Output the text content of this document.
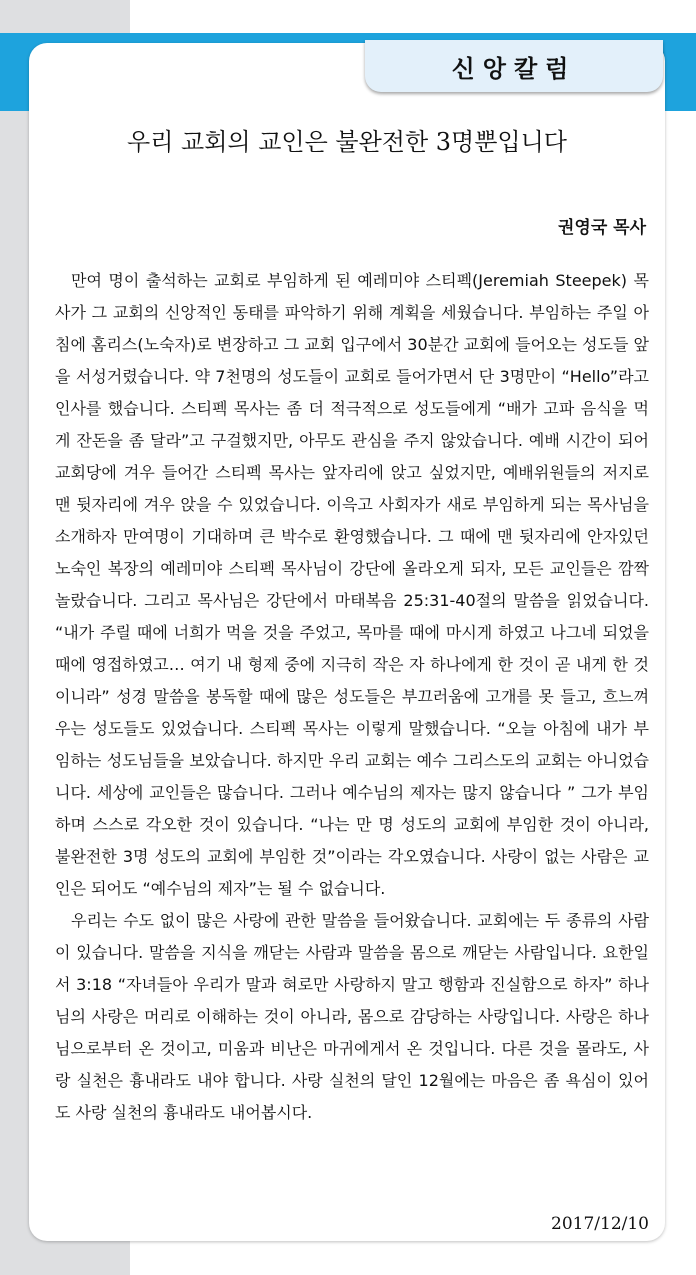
신앙칼럼
우리 교회의 교인은 불완전한 3명뿐입니다
권영국 목사

만여 명이 출석하는 교회로 부임하게 된 예레미야 스티펙(Jeremiah Steepek) 목사가 그 교회의 신앙적인 동태를 파악하기 위해 계획을 세웠습니다. 부임하는 주일 아침에 홈리스(노숙자)로 변장하고 그 교회 입구에서 30분간 교회에 들어오는 성도들 앞을 서성거렸습니다. 약 7천명의 성도들이 교회로 들어가면서 단 3명만이 “Hello”라고 인사를 했습니다. 스티펙 목사는 좀 더 적극적으로 성도들에게 “배가 고파 음식을 먹게 잔돈을 좀 달라”고 구걸했지만, 아무도 관심을 주지 않았습니다. 예배 시간이 되어 교회당에 겨우 들어간 스티펙 목사는 앞자리에 앉고 싶었지만, 예배위원들의 저지로 맨 뒷자리에 겨우 앉을 수 있었습니다. 이윽고 사회자가 새로 부임하게 되는 목사님을 소개하자 만여명이 기대하며 큰 박수로 환영했습니다. 그 때에 맨 뒷자리에 안자있던 노숙인 복장의 예레미야 스티펙 목사님이 강단에 올라오게 되자, 모든 교인들은 깜짝 놀랐습니다. 그리고 목사님은 강단에서 마태복음 25:31-40절의 말씀을 읽었습니다. “내가 주릴 때에 너희가 먹을 것을 주었고, 목마를 때에 마시게 하였고 나그네 되었을 때에 영접하였고… 여기 내 형제 중에 지극히 작은 자 하나에게 한 것이 곧 내게 한 것이니라” 성경 말씀을 봉독할 때에 많은 성도들은 부끄러움에 고개를 못 들고, 흐느껴 우는 성도들도 있었습니다. 스티펙 목사는 이렇게 말했습니다. “오늘 아침에 내가 부임하는 성도님들을 보았습니다. 하지만 우리 교회는 예수 그리스도의 교회는 아니었습니다. 세상에 교인들은 많습니다. 그러나 예수님의 제자는 많지 않습니다 ” 그가 부임하며 스스로 각오한 것이 있습니다. “나는 만 명 성도의 교회에 부임한 것이 아니라, 불완전한 3명 성도의 교회에 부임한 것”이라는 각오였습니다. 사랑이 없는 사람은 교인은 되어도 “예수님의 제자”는 될 수 없습니다.

우리는 수도 없이 많은 사랑에 관한 말씀을 들어왔습니다. 교회에는 두 종류의 사람이 있습니다. 말씀을 지식을 깨닫는 사람과 말씀을 몸으로 깨닫는 사람입니다. 요한일서 3:18 “자녀들아 우리가 말과 혀로만 사랑하지 말고 행함과 진실함으로 하자” 하나님의 사랑은 머리로 이해하는 것이 아니라, 몸으로 감당하는 사랑입니다. 사랑은 하나님으로부터 온 것이고, 미움과 비난은 마귀에게서 온 것입니다. 다른 것을 몰라도, 사랑 실천은 흉내라도 내야 합니다. 사랑 실천의 달인 12월에는 마음은 좀 욕심이 있어도 사랑 실천의 흉내라도 내어봅시다.

2017/12/10
